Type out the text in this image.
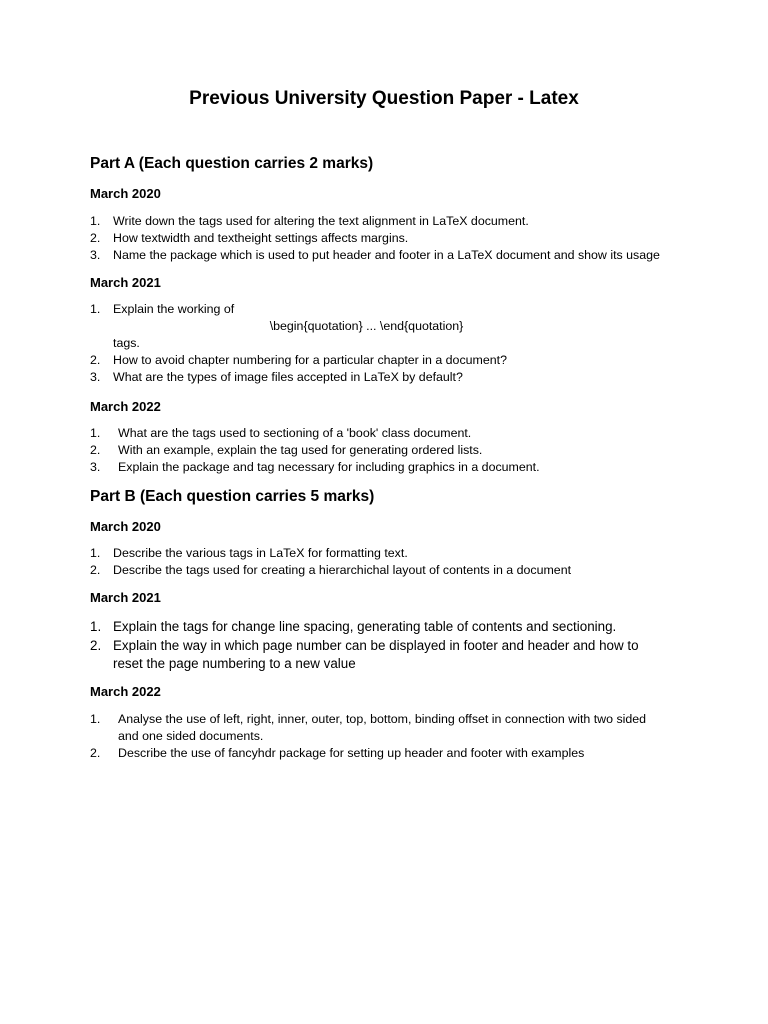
Previous University Question Paper - Latex
Part A (Each question carries 2 marks)
March 2020
1. Write down the tags used for altering the text alignment in LaTeX document.
2. How textwidth and textheight settings affects margins.
3. Name the package which is used to put header and footer in a LaTeX document and show its usage
March 2021
1. Explain the working of
\begin{quotation} ... \end{quotation}
tags.
2. How to avoid chapter numbering for a particular chapter in a document?
3. What are the types of image files accepted in LaTeX by default?
March 2022
1. What are the tags used to sectioning of a 'book' class document.
2. With an example, explain the tag used for generating ordered lists.
3. Explain the package and tag necessary for including graphics in a document.
Part B (Each question carries 5 marks)
March 2020
1. Describe the various tags in LaTeX for formatting text.
2. Describe the tags used for creating a hierarchichal layout of contents in a document
March 2021
1. Explain the tags for change line spacing, generating table of contents and sectioning.
2. Explain the way in which page number can be displayed in footer and header and how to
reset the page numbering to a new value
March 2022
1. Analyse the use of left, right, inner, outer, top, bottom, binding offset in connection with two sided
and one sided documents.
2. Describe the use of fancyhdr package for setting up header and footer with examples
